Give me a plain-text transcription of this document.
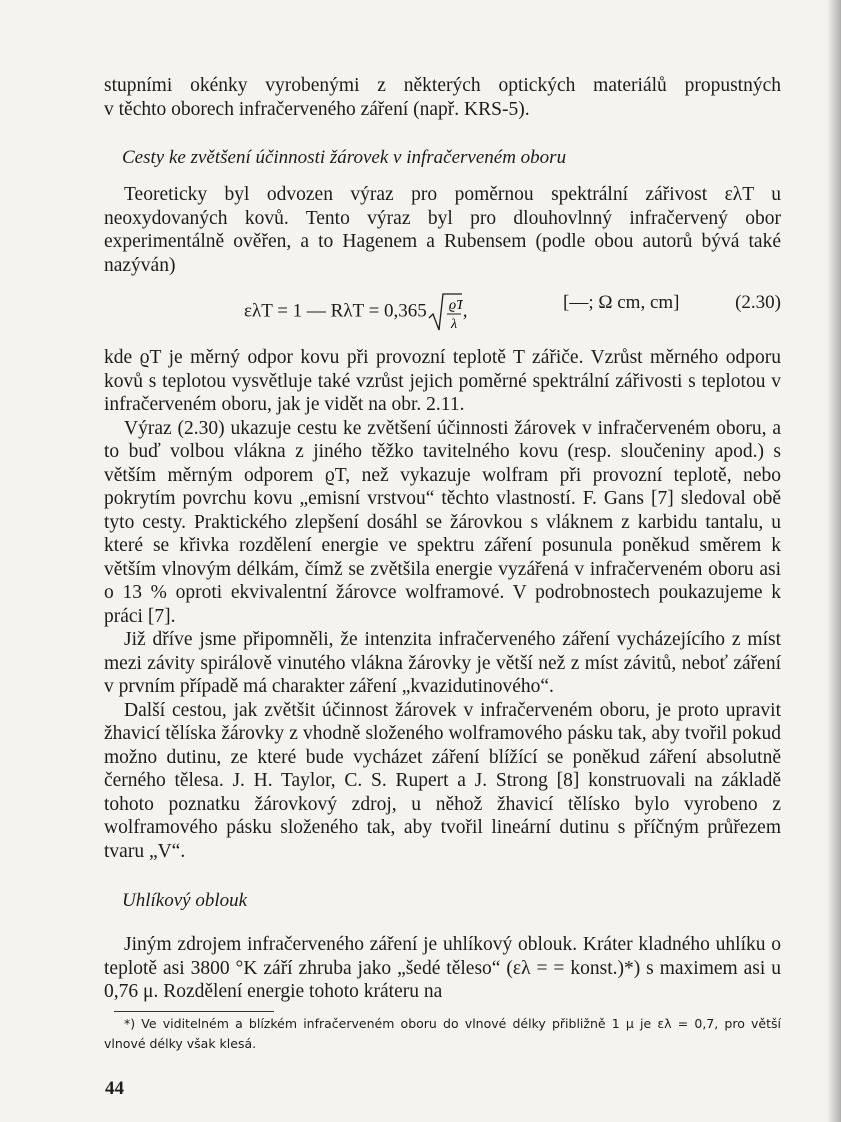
stupními okénky vyrobenými z některých optických materiálů propustných
v těchto oborech infračerveného záření (např. KRS-5).
Cesty ke zvětšení účinnosti žárovek v infračerveném oboru

Teoreticky byl odvozen výraz pro poměrnou spektrální zářivost ελT u neoxydovaných kovů. Tento výraz byl pro dlouhovlnný infračervený obor experimentálně ověřen, a to Hagenem a Rubensem (podle obou autorů bývá také nazýván)

ελT = 1 — RλT = 0,365 ϱT
λ
,	[—; Ω cm, cm]	(2.30)

kde ϱT je měrný odpor kovu při provozní teplotě T zářiče. Vzrůst měrného odporu kovů s teplotou vysvětluje také vzrůst jejich poměrné spektrální zářivosti s teplotou v infračerveném oboru, jak je vidět na obr. 2.11.

Výraz (2.30) ukazuje cestu ke zvětšení účinnosti žárovek v infračerveném oboru, a to buď volbou vlákna z jiného těžko tavitelného kovu (resp. sloučeniny apod.) s větším měrným odporem ϱT, než vykazuje wolfram při provozní teplotě, nebo pokrytím povrchu kovu „emisní vrstvou“ těchto vlastností. F. Gans [7] sledoval obě tyto cesty. Praktického zlepšení dosáhl se žárovkou s vláknem z karbidu tantalu, u které se křivka rozdělení energie ve spektru záření posunula poněkud směrem k větším vlnovým délkám, čímž se zvětšila energie vyzářená v infračerveném oboru asi o 13 % oproti ekvivalentní žárovce wolframové. V podrobnostech poukazujeme k práci [7].

Již dříve jsme připomněli, že intenzita infračerveného záření vycházejícího z míst mezi závity spirálově vinutého vlákna žárovky je větší než z míst závitů, neboť záření v prvním případě má charakter záření „kvazidutinového“.

Další cestou, jak zvětšit účinnost žárovek v infračerveném oboru, je proto upravit žhavicí tělíska žárovky z vhodně složeného wolframového pásku tak, aby tvořil pokud možno dutinu, ze které bude vycházet záření blížící se poněkud záření absolutně černého tělesa. J. H. Taylor, C. S. Rupert a J. Strong [8] konstruovali na základě tohoto poznatku žárovkový zdroj, u něhož žhavicí tělísko bylo vyrobeno z wolframového pásku složeného tak, aby tvořil lineární dutinu s příčným průřezem tvaru „V“.

Uhlíkový oblouk

Jiným zdrojem infračerveného záření je uhlíkový oblouk. Kráter kladného uhlíku o teplotě asi 3800 °K září zhruba jako „šedé těleso“ (ελ = = konst.)*) s maximem asi u 0,76 μ. Rozdělení energie tohoto kráteru na

*) Ve viditelném a blízkém infračerveném oboru do vlnové délky přibližně 1 μ je ελ = 0,7, pro větší vlnové délky však klesá.

44
